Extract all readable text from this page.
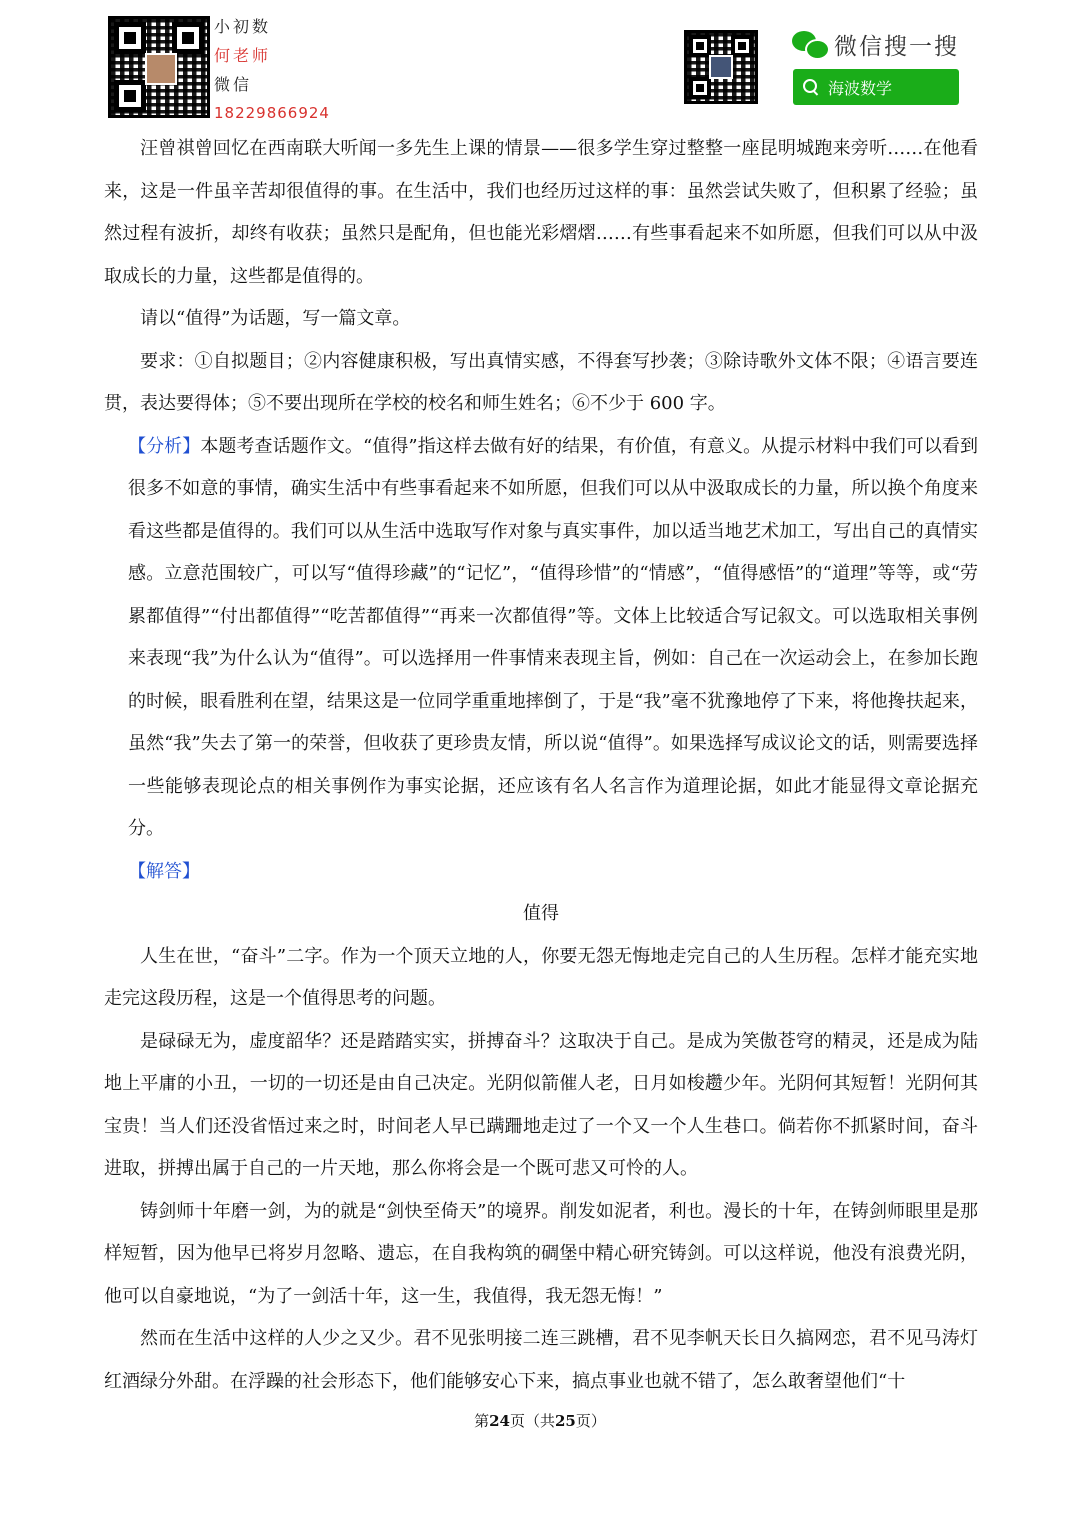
小初数
何老师
微信
18229866924
微信搜一搜
海波数学

汪曾祺曾回忆在西南联大听闻一多先生上课的情景——很多学生穿过整整一座昆明城跑来旁听……在他看来，这是一件虽辛苦却很值得的事。在生活中，我们也经历过这样的事：虽然尝试失败了，但积累了经验；虽然过程有波折，却终有收获；虽然只是配角，但也能光彩熠熠……有些事看起来不如所愿，但我们可以从中汲取成长的力量，这些都是值得的。

请以“值得”为话题，写一篇文章。

要求：①自拟题目；②内容健康积极，写出真情实感，不得套写抄袭；③除诗歌外文体不限；④语言要连贯，表达要得体；⑤不要出现所在学校的校名和师生姓名；⑥不少于 600 字。

【分析】本题考查话题作文。“值得”指这样去做有好的结果，有价值，有意义。从提示材料中我们可以看到很多不如意的事情，确实生活中有些事看起来不如所愿，但我们可以从中汲取成长的力量，所以换个角度来看这些都是值得的。我们可以从生活中选取写作对象与真实事件，加以适当地艺术加工，写出自己的真情实感。立意范围较广，可以写“值得珍藏”的“记忆”，“值得珍惜”的“情感”，“值得感悟”的“道理”等等，或“劳累都值得”“付出都值得”“吃苦都值得”“再来一次都值得”等。文体上比较适合写记叙文。可以选取相关事例来表现“我”为什么认为“值得”。可以选择用一件事情来表现主旨，例如：自己在一次运动会上，在参加长跑的时候，眼看胜利在望，结果这是一位同学重重地摔倒了，于是“我”毫不犹豫地停了下来，将他搀扶起来，虽然“我”失去了第一的荣誉，但收获了更珍贵友情，所以说“值得”。如果选择写成议论文的话，则需要选择一些能够表现论点的相关事例作为事实论据，还应该有名人名言作为道理论据，如此才能显得文章论据充分。

【解答】

值得

人生在世，“奋斗”二字。作为一个顶天立地的人，你要无怨无悔地走完自己的人生历程。怎样才能充实地走完这段历程，这是一个值得思考的问题。

是碌碌无为，虚度韶华？还是踏踏实实，拼搏奋斗？这取决于自己。是成为笑傲苍穹的精灵，还是成为陆地上平庸的小丑，一切的一切还是由自己决定。光阴似箭催人老，日月如梭趱少年。光阴何其短暂！光阴何其宝贵！当人们还没省悟过来之时，时间老人早已蹒跚地走过了一个又一个人生巷口。倘若你不抓紧时间，奋斗进取，拼搏出属于自己的一片天地，那么你将会是一个既可悲又可怜的人。

铸剑师十年磨一剑，为的就是“剑快至倚天”的境界。削发如泥者，利也。漫长的十年，在铸剑师眼里是那样短暂，因为他早已将岁月忽略、遗忘，在自我构筑的碉堡中精心研究铸剑。可以这样说，他没有浪费光阴，他可以自豪地说，“为了一剑活十年，这一生，我值得，我无怨无悔！”

然而在生活中这样的人少之又少。君不见张明接二连三跳槽，君不见李帆天长日久搞网恋，君不见马涛灯红酒绿分外甜。在浮躁的社会形态下，他们能够安心下来，搞点事业也就不错了，怎么敢奢望他们“十

第24页（共25页）
